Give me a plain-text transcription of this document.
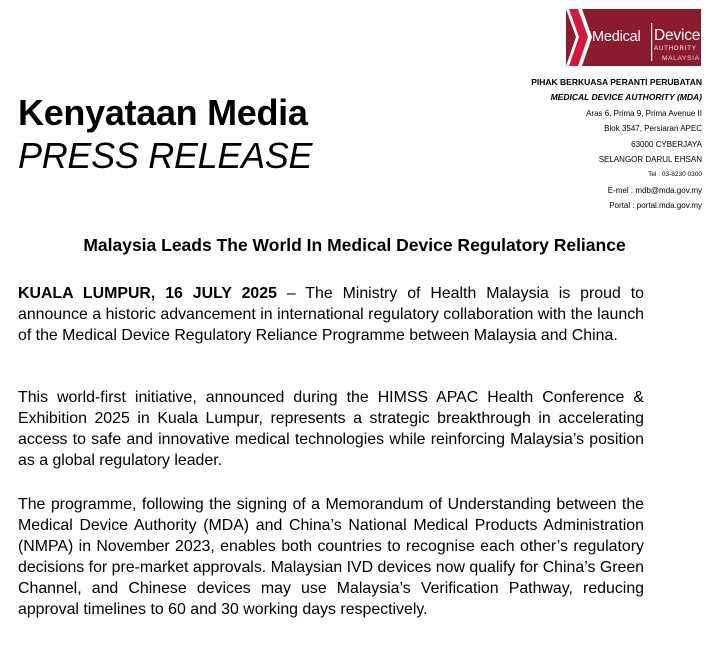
Medical Device
AUTHORITY
MALAYSIA
PIHAK BERKUASA PERANTI PERUBATAN
MEDICAL DEVICE AUTHORITY (MDA)
Aras 6, Prima 9, Prima Avenue II
Blok 3547, Persiaran APEC
63000 CYBERJAYA
SELANGOR DARUL EHSAN
Tel : 03-8230 0300
E-mel : mdb@mda.gov.my
Portal : portal.mda.gov.my
Kenyataan Media
PRESS RELEASE
Malaysia Leads The World In Medical Device Regulatory Reliance
KUALA LUMPUR, 16 JULY 2025 – The Ministry of Health Malaysia is proud to announce a historic advancement in international regulatory collaboration with the launch of the Medical Device Regulatory Reliance Programme between Malaysia and China.
This world-first initiative, announced during the HIMSS APAC Health Conference & Exhibition 2025 in Kuala Lumpur, represents a strategic breakthrough in accelerating access to safe and innovative medical technologies while reinforcing Malaysia’s position as a global regulatory leader.
The programme, following the signing of a Memorandum of Understanding between the Medical Device Authority (MDA) and China’s National Medical Products Administration (NMPA) in November 2023, enables both countries to recognise each other’s regulatory decisions for pre-market approvals. Malaysian IVD devices now qualify for China’s Green Channel, and Chinese devices may use Malaysia’s Verification Pathway, reducing approval timelines to 60 and 30 working days respectively.
